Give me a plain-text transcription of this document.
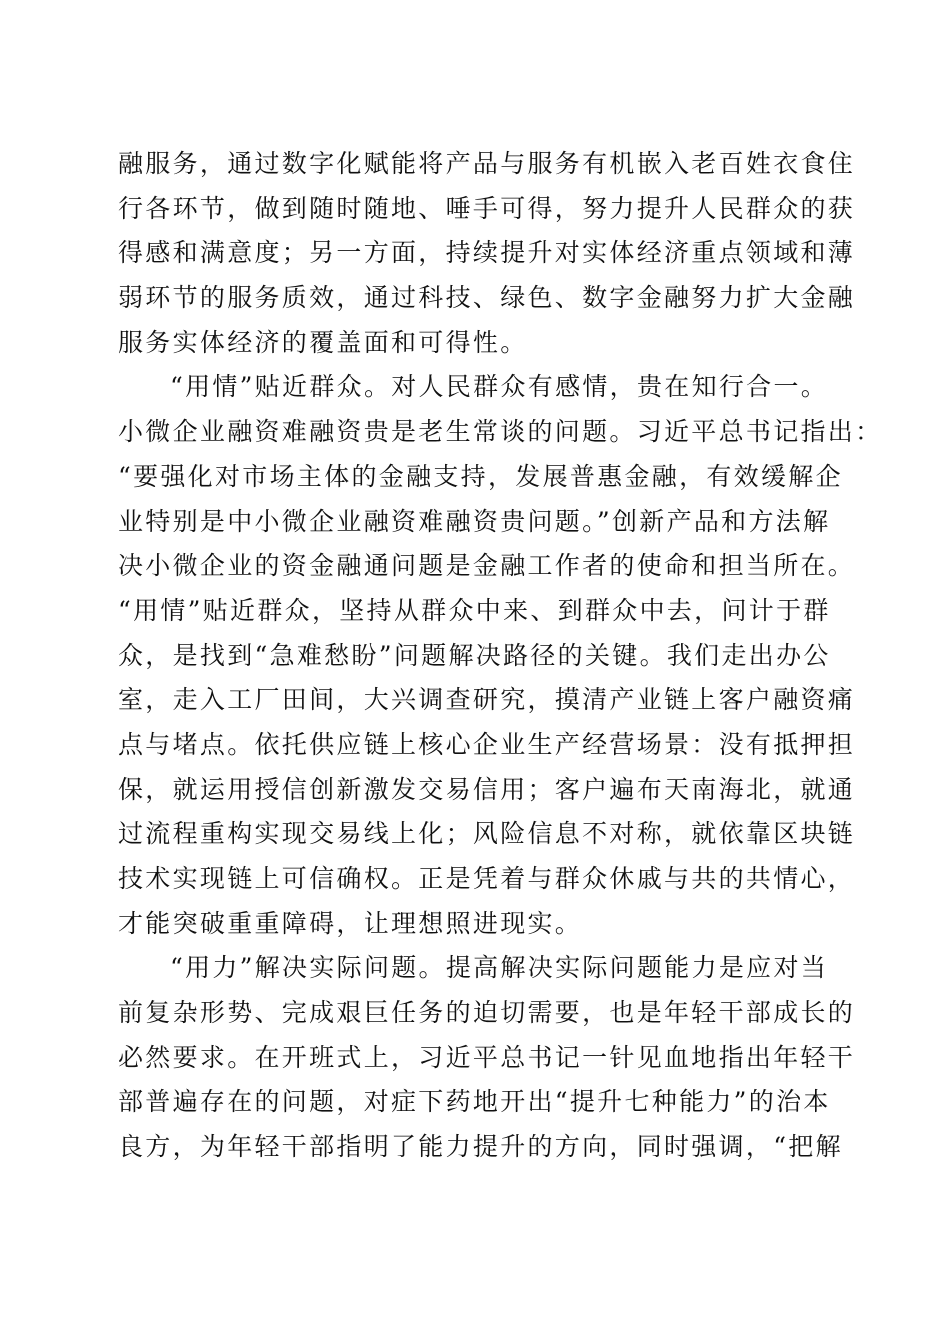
融服务，通过数字化赋能将产品与服务有机嵌入老百姓衣食住
行各环节，做到随时随地、唾手可得，努力提升人民群众的获
得感和满意度；另一方面，持续提升对实体经济重点领域和薄
弱环节的服务质效，通过科技、绿色、数字金融努力扩大金融
服务实体经济的覆盖面和可得性。
“用情”贴近群众。对人民群众有感情，贵在知行合一。
小微企业融资难融资贵是老生常谈的问题。习近平总书记指出：
“要强化对市场主体的金融支持，发展普惠金融，有效缓解企
业特别是中小微企业融资难融资贵问题。”创新产品和方法解
决小微企业的资金融通问题是金融工作者的使命和担当所在。
“用情”贴近群众，坚持从群众中来、到群众中去，问计于群
众，是找到“急难愁盼”问题解决路径的关键。我们走出办公
室，走入工厂田间，大兴调查研究，摸清产业链上客户融资痛
点与堵点。依托供应链上核心企业生产经营场景：没有抵押担
保，就运用授信创新激发交易信用；客户遍布天南海北，就通
过流程重构实现交易线上化；风险信息不对称，就依靠区块链
技术实现链上可信确权。正是凭着与群众休戚与共的共情心，
才能突破重重障碍，让理想照进现实。
“用力”解决实际问题。提高解决实际问题能力是应对当
前复杂形势、完成艰巨任务的迫切需要，也是年轻干部成长的
必然要求。在开班式上，习近平总书记一针见血地指出年轻干
部普遍存在的问题，对症下药地开出“提升七种能力”的治本
良方，为年轻干部指明了能力提升的方向，同时强调，“把解
